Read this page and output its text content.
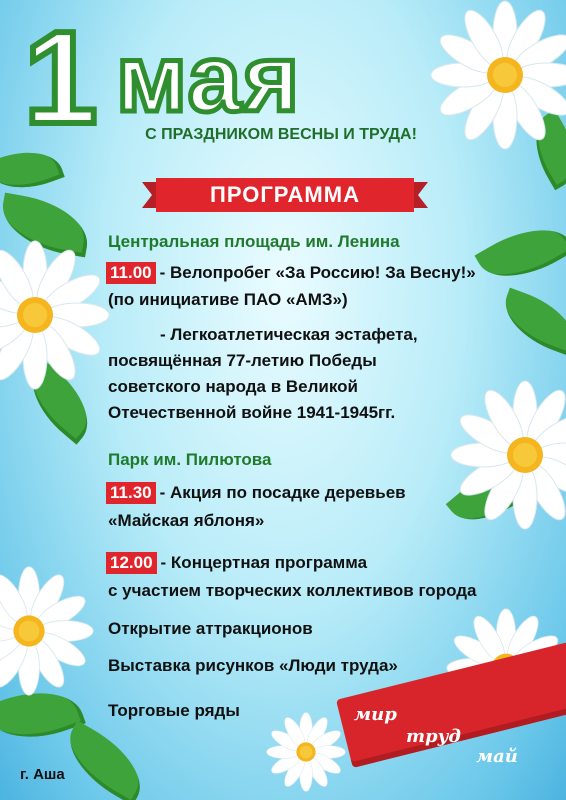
1 мая
С ПРАЗДНИКОМ ВЕСНЫ И ТРУДА!
ПРОГРАММА
Центральная площадь им. Ленина
11.00 - Велопробег «За Россию! За Весну!»
(по инициативе ПАО «АМЗ»)
- Легкоатлетическая эстафета,
посвящённая 77-летию Победы
советского народа в Великой
Отечественной войне 1941-1945гг.
Парк им. Пилютова
11.30 - Акция по посадке деревьев
«Майская яблоня»
12.00 - Концертная программа
с участием творческих коллективов города
Открытие аттракционов
Выставка рисунков «Люди труда»
Торговые ряды
г. Аша
мир
труд
май
